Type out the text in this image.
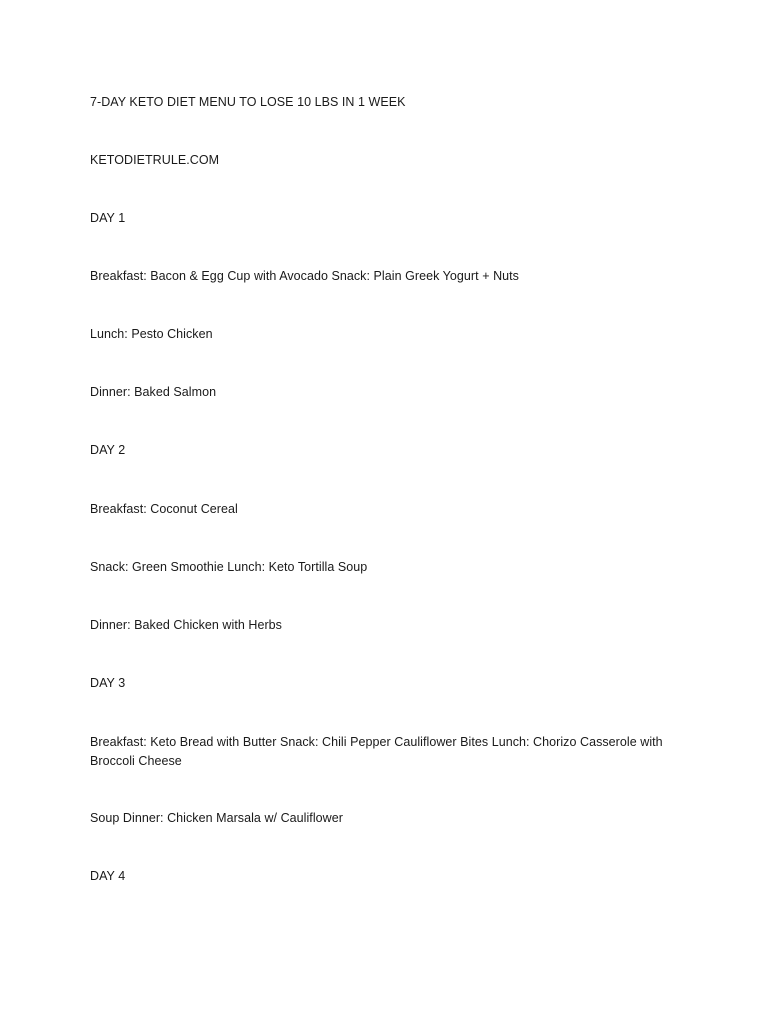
7-DAY KETO DIET MENU TO LOSE 10 LBS IN 1 WEEK
KETODIETRULE.COM
DAY 1
Breakfast: Bacon & Egg Cup with Avocado Snack: Plain Greek Yogurt + Nuts
Lunch: Pesto Chicken
Dinner: Baked Salmon
DAY 2
Breakfast: Coconut Cereal
Snack: Green Smoothie Lunch: Keto Tortilla Soup
Dinner: Baked Chicken with Herbs
DAY 3
Breakfast: Keto Bread with Butter Snack: Chili Pepper Cauliflower Bites Lunch: Chorizo Casserole with Broccoli Cheese
Soup Dinner: Chicken Marsala w/ Cauliflower
DAY 4
